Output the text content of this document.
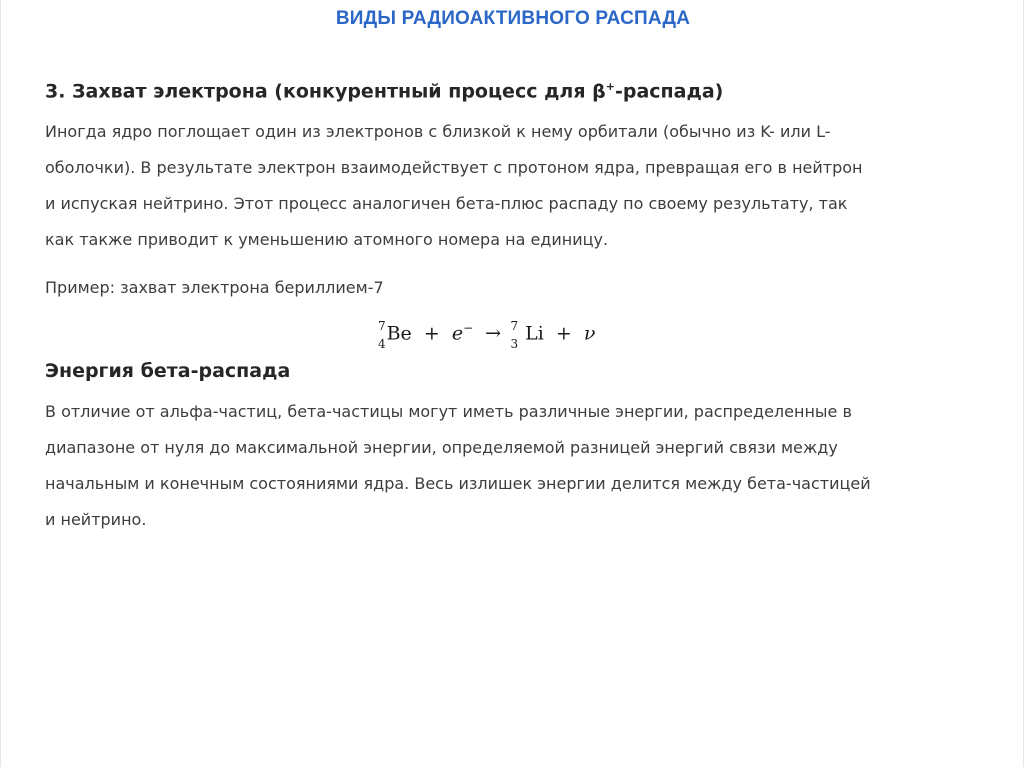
ВИДЫ РАДИОАКТИВНОГО РАСПАДА
3. Захват электрона (конкурентный процесс для β+-распада)

Иногда ядро поглощает один из электронов с близкой к нему орбитали (обычно из K- или L-

оболочки). В результате электрон взаимодействует с протоном ядра, превращая его в нейтрон

и испуская нейтрино. Этот процесс аналогичен бета-плюс распаду по своему результату, так

как также приводит к уменьшению атомного номера на единицу.

Пример: захват электрона бериллием-7

7
4 Be + e− → 7
3 Li + ν
Энергия бета-распада

В отличие от альфа-частиц, бета-частицы могут иметь различные энергии, распределенные в

диапазоне от нуля до максимальной энергии, определяемой разницей энергий связи между

начальным и конечным состояниями ядра. Весь излишек энергии делится между бета-частицей

и нейтрино.
